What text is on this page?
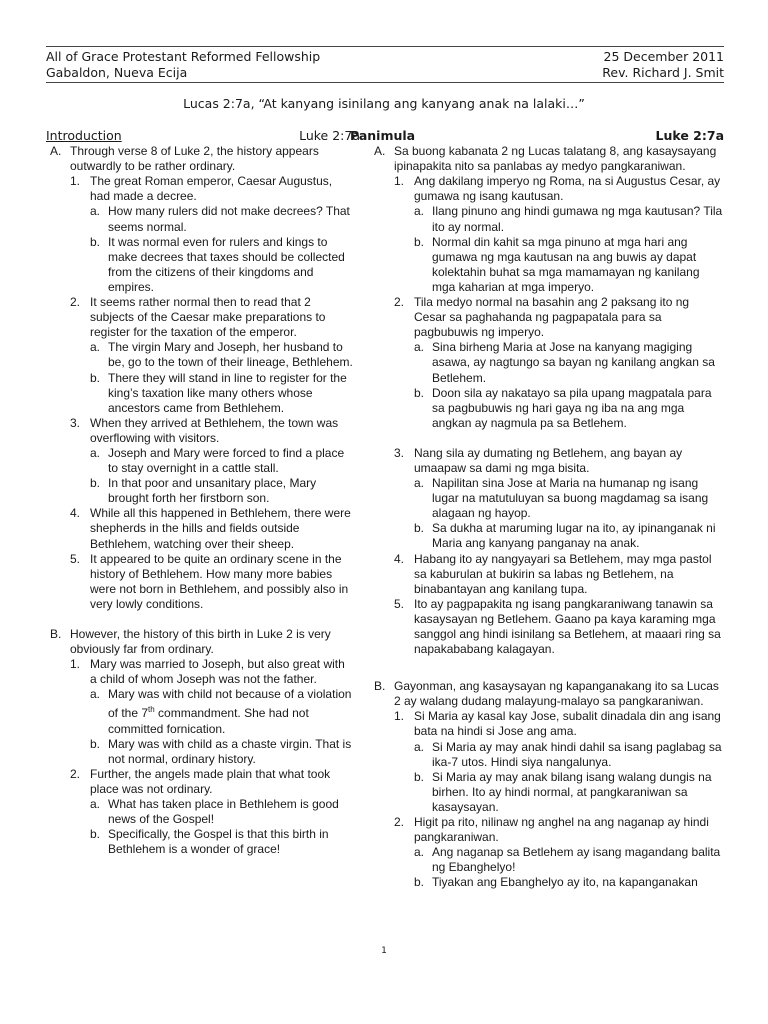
All of Grace Protestant Reformed Fellowship	25 December 2011
Gabaldon, Nueva Ecija	Rev. Richard J. Smit
Lucas 2:7a, “At kanyang isinilang ang kanyang anak na lalaki…”
Introduction	Luke 2:7a
A. Through verse 8 of Luke 2, the history appears outwardly to be rather ordinary.
1. The great Roman emperor, Caesar Augustus, had made a decree.
a. How many rulers did not make decrees? That seems normal.
b. It was normal even for rulers and kings to make decrees that taxes should be collected from the citizens of their kingdoms and empires.
2. It seems rather normal then to read that 2 subjects of the Caesar make preparations to register for the taxation of the emperor.
a. The virgin Mary and Joseph, her husband to be, go to the town of their lineage, Bethlehem.
b. There they will stand in line to register for the king’s taxation like many others whose ancestors came from Bethlehem.
3. When they arrived at Bethlehem, the town was overflowing with visitors.
a. Joseph and Mary were forced to find a place to stay overnight in a cattle stall.
b. In that poor and unsanitary place, Mary brought forth her firstborn son.
4. While all this happened in Bethlehem, there were shepherds in the hills and fields outside Bethlehem, watching over their sheep.
5. It appeared to be quite an ordinary scene in the history of Bethlehem. How many more babies were not born in Bethlehem, and possibly also in very lowly conditions.
B. However, the history of this birth in Luke 2 is very obviously far from ordinary.
1. Mary was married to Joseph, but also great with a child of whom Joseph was not the father.
a. Mary was with child not because of a violation of the 7th commandment. She had not committed fornication.
b. Mary was with child as a chaste virgin. That is not normal, ordinary history.
2. Further, the angels made plain that what took place was not ordinary.
a. What has taken place in Bethlehem is good news of the Gospel!
b. Specifically, the Gospel is that this birth in Bethlehem is a wonder of grace!
Panimula	Luke 2:7a
A. Sa buong kabanata 2 ng Lucas talatang 8, ang kasaysayang ipinapakita nito sa panlabas ay medyo pangkaraniwan.
1. Ang dakilang imperyo ng Roma, na si Augustus Cesar, ay gumawa ng isang kautusan.
a. Ilang pinuno ang hindi gumawa ng mga kautusan? Tila ito ay normal.
b. Normal din kahit sa mga pinuno at mga hari ang gumawa ng mga kautusan na ang buwis ay dapat kolektahin buhat sa mga mamamayan ng kanilang mga kaharian at mga imperyo.
2. Tila medyo normal na basahin ang 2 paksang ito ng Cesar sa paghahanda ng pagpapatala para sa pagbubuwis ng imperyo.
a. Sina birheng Maria at Jose na kanyang magiging asawa, ay nagtungo sa bayan ng kanilang angkan sa Betlehem.
b. Doon sila ay nakatayo sa pila upang magpatala para sa pagbubuwis ng hari gaya ng iba na ang mga angkan ay nagmula pa sa Betlehem.
3. Nang sila ay dumating ng Betlehem, ang bayan ay umaapaw sa dami ng mga bisita.
a. Napilitan sina Jose at Maria na humanap ng isang lugar na matutuluyan sa buong magdamag sa isang alagaan ng hayop.
b. Sa dukha at maruming lugar na ito, ay ipinanganak ni Maria ang kanyang panganay na anak.
4. Habang ito ay nangyayari sa Betlehem, may mga pastol sa kaburulan at bukirin sa labas ng Betlehem, na binabantayan ang kanilang tupa.
5. Ito ay pagpapakita ng isang pangkaraniwang tanawin sa kasaysayan ng Betlehem. Gaano pa kaya karaming mga sanggol ang hindi isinilang sa Betlehem, at maaari ring sa napakababang kalagayan.
B. Gayonman, ang kasaysayan ng kapanganakang ito sa Lucas 2 ay walang dudang malayung-malayo sa pangkaraniwan.
1. Si Maria ay kasal kay Jose, subalit dinadala din ang isang bata na hindi si Jose ang ama.
a. Si Maria ay may anak hindi dahil sa isang paglabag sa ika-7 utos. Hindi siya nangalunya.
b. Si Maria ay may anak bilang isang walang dungis na birhen. Ito ay hindi normal, at pangkaraniwan sa kasaysayan.
2. Higit pa rito, nilinaw ng anghel na ang naganap ay hindi pangkaraniwan.
a. Ang naganap sa Betlehem ay isang magandang balita ng Ebanghelyo!
b. Tiyakan ang Ebanghelyo ay ito, na kapanganakan
1
